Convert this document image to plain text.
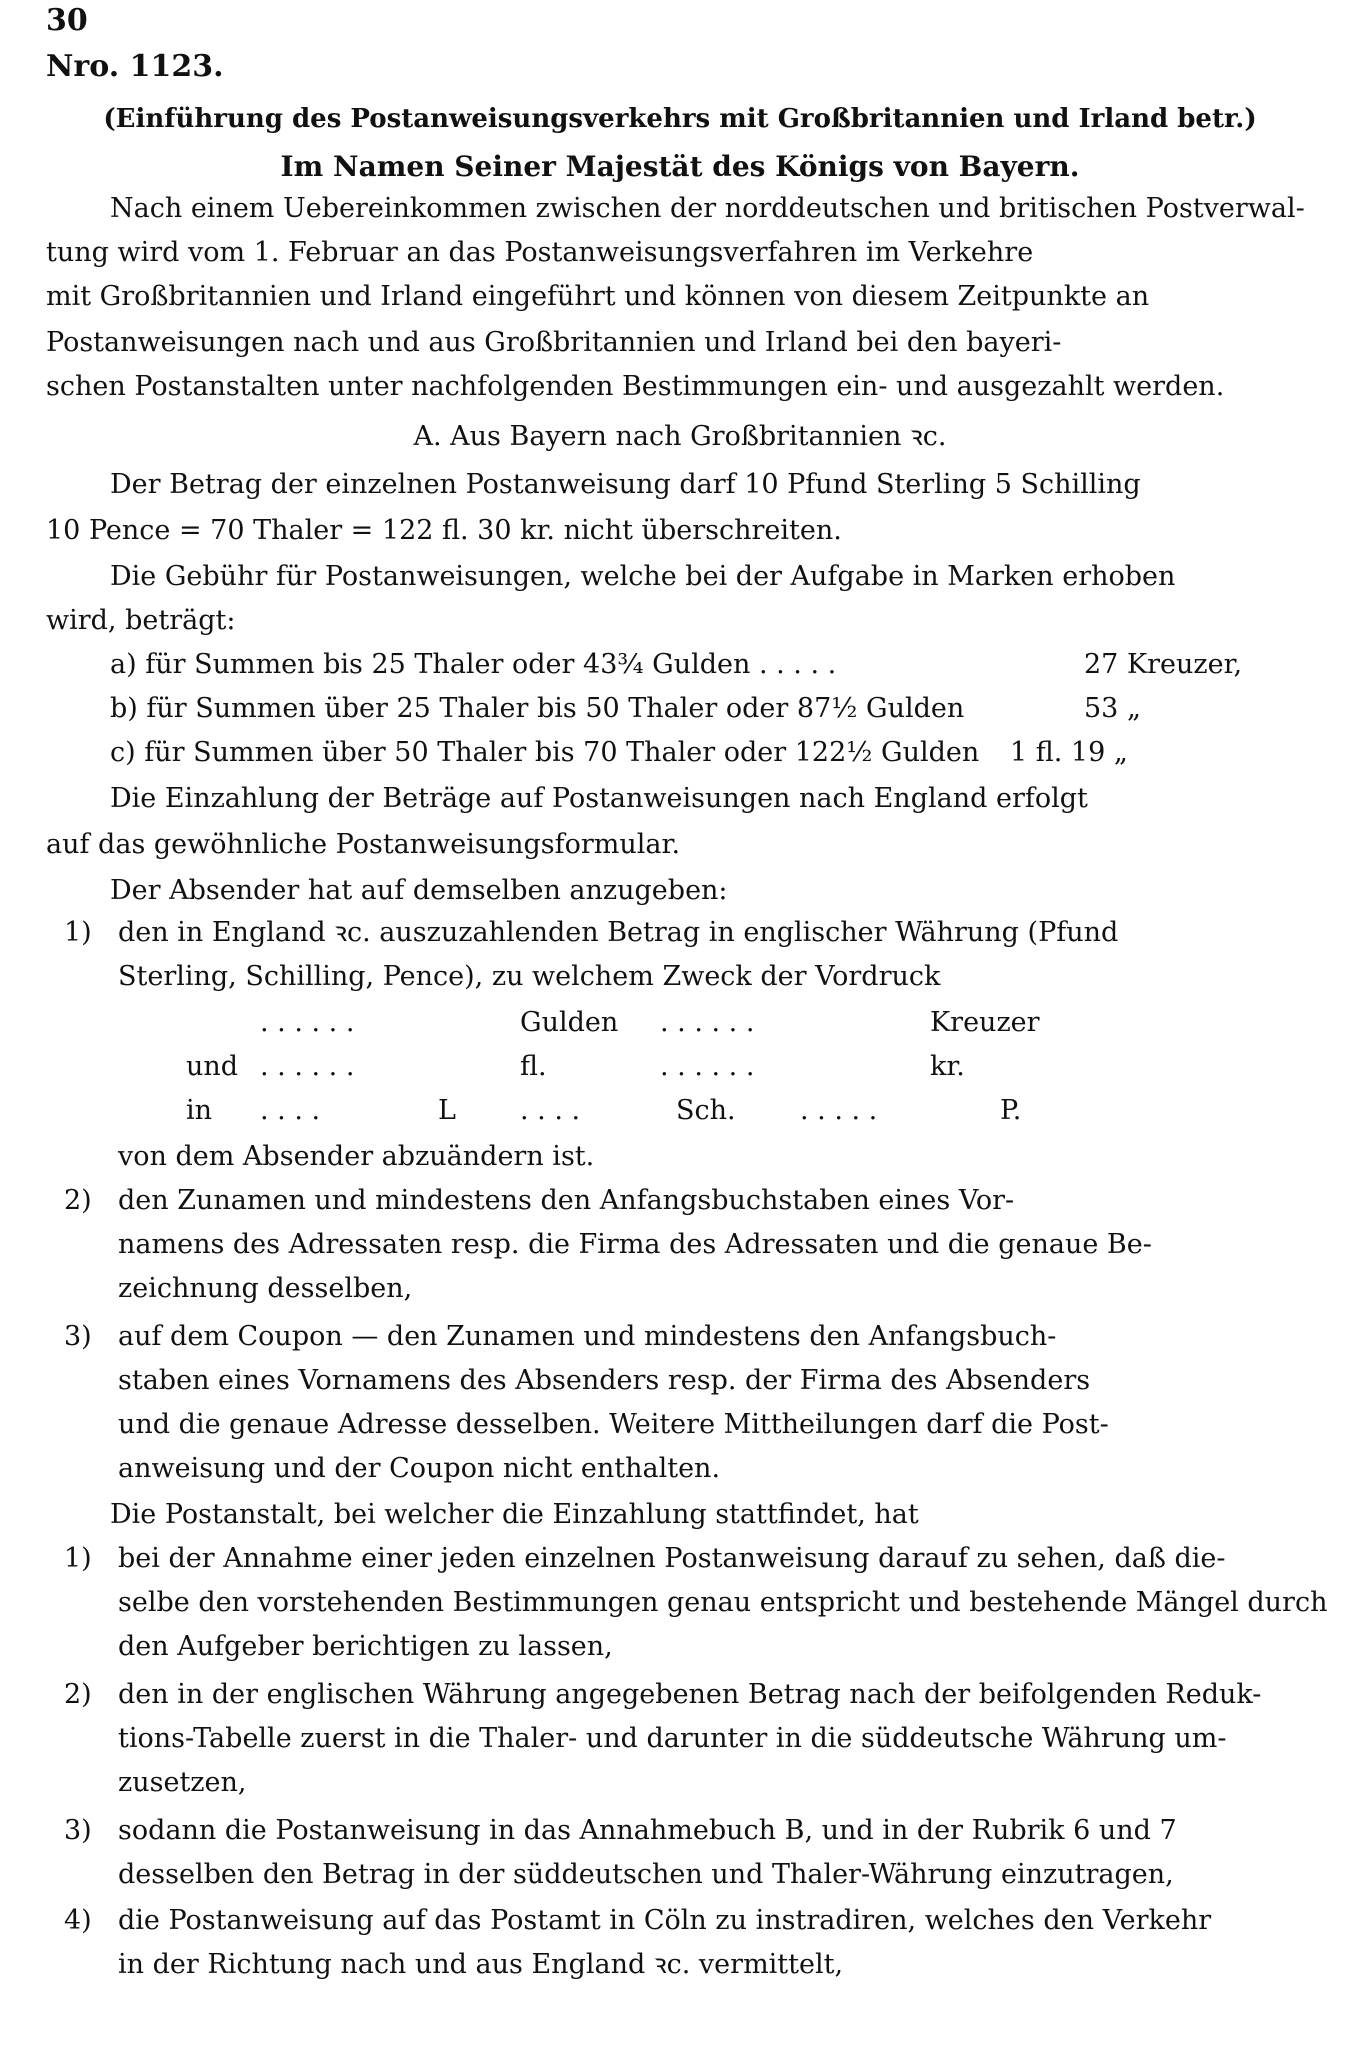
30
Nro. 1123.
(Einführung des Postanweisungsverkehrs mit Großbritannien und Irland betr.)
Im Namen Seiner Majestät des Königs von Bayern.
Nach einem Uebereinkommen zwischen der norddeutschen und britischen Postverwal-
tung wird vom 1. Februar an das Postanweisungsverfahren im Verkehre
mit Großbritannien und Irland eingeführt und können von diesem Zeitpunkte an
Postanweisungen nach und aus Großbritannien und Irland bei den bayeri-
schen Postanstalten unter nachfolgenden Bestimmungen ein- und ausgezahlt werden.
A. Aus Bayern nach Großbritannien ꝛc.
Der Betrag der einzelnen Postanweisung darf 10 Pfund Sterling 5 Schilling
10 Pence = 70 Thaler = 122 fl. 30 kr. nicht überschreiten.
Die Gebühr für Postanweisungen, welche bei der Aufgabe in Marken erhoben
wird, beträgt:
a) für Summen bis 25 Thaler oder 43¾ Gulden . . . . .	27 Kreuzer,
b) für Summen über 25 Thaler bis 50 Thaler oder 87½ Gulden	53 „
c) für Summen über 50 Thaler bis 70 Thaler oder 122½ Gulden 1 fl. 19 „
Die Einzahlung der Beträge auf Postanweisungen nach England erfolgt
auf das gewöhnliche Postanweisungsformular.
Der Absender hat auf demselben anzugeben:
1) den in England ꝛc. auszuzahlenden Betrag in englischer Währung (Pfund
Sterling, Schilling, Pence), zu welchem Zweck der Vordruck
. . . . . .	Gulden . . . . . .	Kreuzer
und . . . . . .	fl.	. . . . . .	kr.
in . . . .	L . . . .	Sch. . . . . .	P.
von dem Absender abzuändern ist.
2) den Zunamen und mindestens den Anfangsbuchstaben eines Vor-
namens des Adressaten resp. die Firma des Adressaten und die genaue Be-
zeichnung desselben,
3) auf dem Coupon — den Zunamen und mindestens den Anfangsbuch-
staben eines Vornamens des Absenders resp. der Firma des Absenders
und die genaue Adresse desselben. Weitere Mittheilungen darf die Post-
anweisung und der Coupon nicht enthalten.
Die Postanstalt, bei welcher die Einzahlung stattfindet, hat
1) bei der Annahme einer jeden einzelnen Postanweisung darauf zu sehen, daß die-
selbe den vorstehenden Bestimmungen genau entspricht und bestehende Mängel durch
den Aufgeber berichtigen zu lassen,
2) den in der englischen Währung angegebenen Betrag nach der beifolgenden Reduk-
tions-Tabelle zuerst in die Thaler- und darunter in die süddeutsche Währung um-
zusetzen,
3) sodann die Postanweisung in das Annahmebuch B, und in der Rubrik 6 und 7
desselben den Betrag in der süddeutschen und Thaler-Währung einzutragen,
4) die Postanweisung auf das Postamt in Cöln zu instradiren, welches den Verkehr
in der Richtung nach und aus England ꝛc. vermittelt,
